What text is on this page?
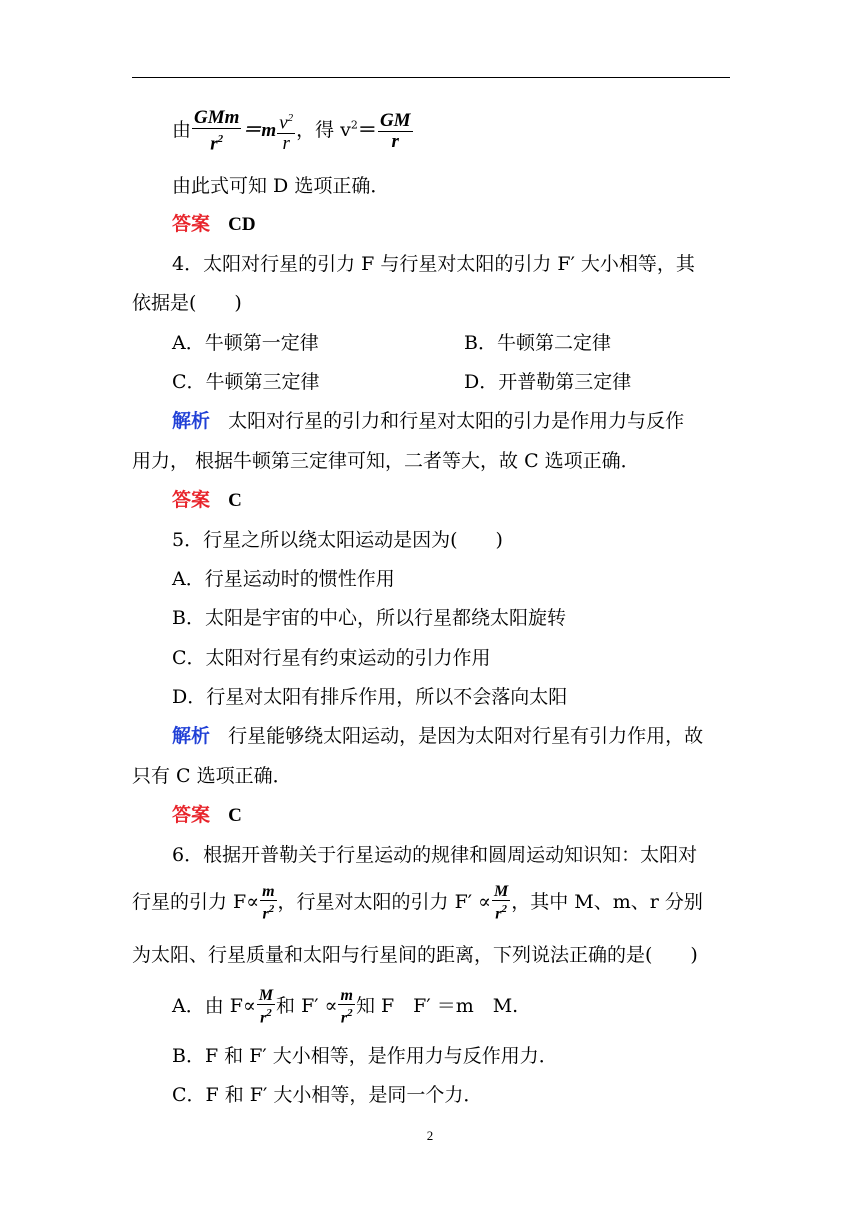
由 $\frac{\text{GMm}}{r^2} =m \frac{v^2}{r}$ ，得 $v^2= \frac{GM}{r}$
由此式可知 D 选项正确．
答案 CD
4．太阳对行星的引力 F 与行星对太阳的引力 F′ 大小相等，其
依据是(　　)
A．牛顿第一定律	B．牛顿第二定律
C．牛顿第三定律	D．开普勒第三定律
解析 太阳对行星的引力和行星对太阳的引力是作用力与反作
用力， 根据牛顿第三定律可知，二者等大，故 C 选项正确．
答案 C
5．行星之所以绕太阳运动是因为(　　)
A．行星运动时的惯性作用
B．太阳是宇宙的中心，所以行星都绕太阳旋转
C．太阳对行星有约束运动的引力作用
D．行星对太阳有排斥作用，所以不会落向太阳
解析 行星能够绕太阳运动，是因为太阳对行星有引力作用，故
只有 C 选项正确．
答案 C
6．根据开普勒关于行星运动的规律和圆周运动知识知：太阳对
行星的引力 $F\propto \frac{m}{r^2}$ ，行星对太阳的引力 $F' \propto \frac{M}{r^2}$ ，其中 M、m、r 分别
为太阳、行星质量和太阳与行星间的距离，下列说法正确的是(　　)
A．由 $F\propto \frac{M}{r^2}$ 和 $F' \propto \frac{m}{r^2}$ 知 F　F′ ＝m　M.
B．F 和 F′ 大小相等，是作用力与反作用力．
C．F 和 F′ 大小相等，是同一个力．
2
